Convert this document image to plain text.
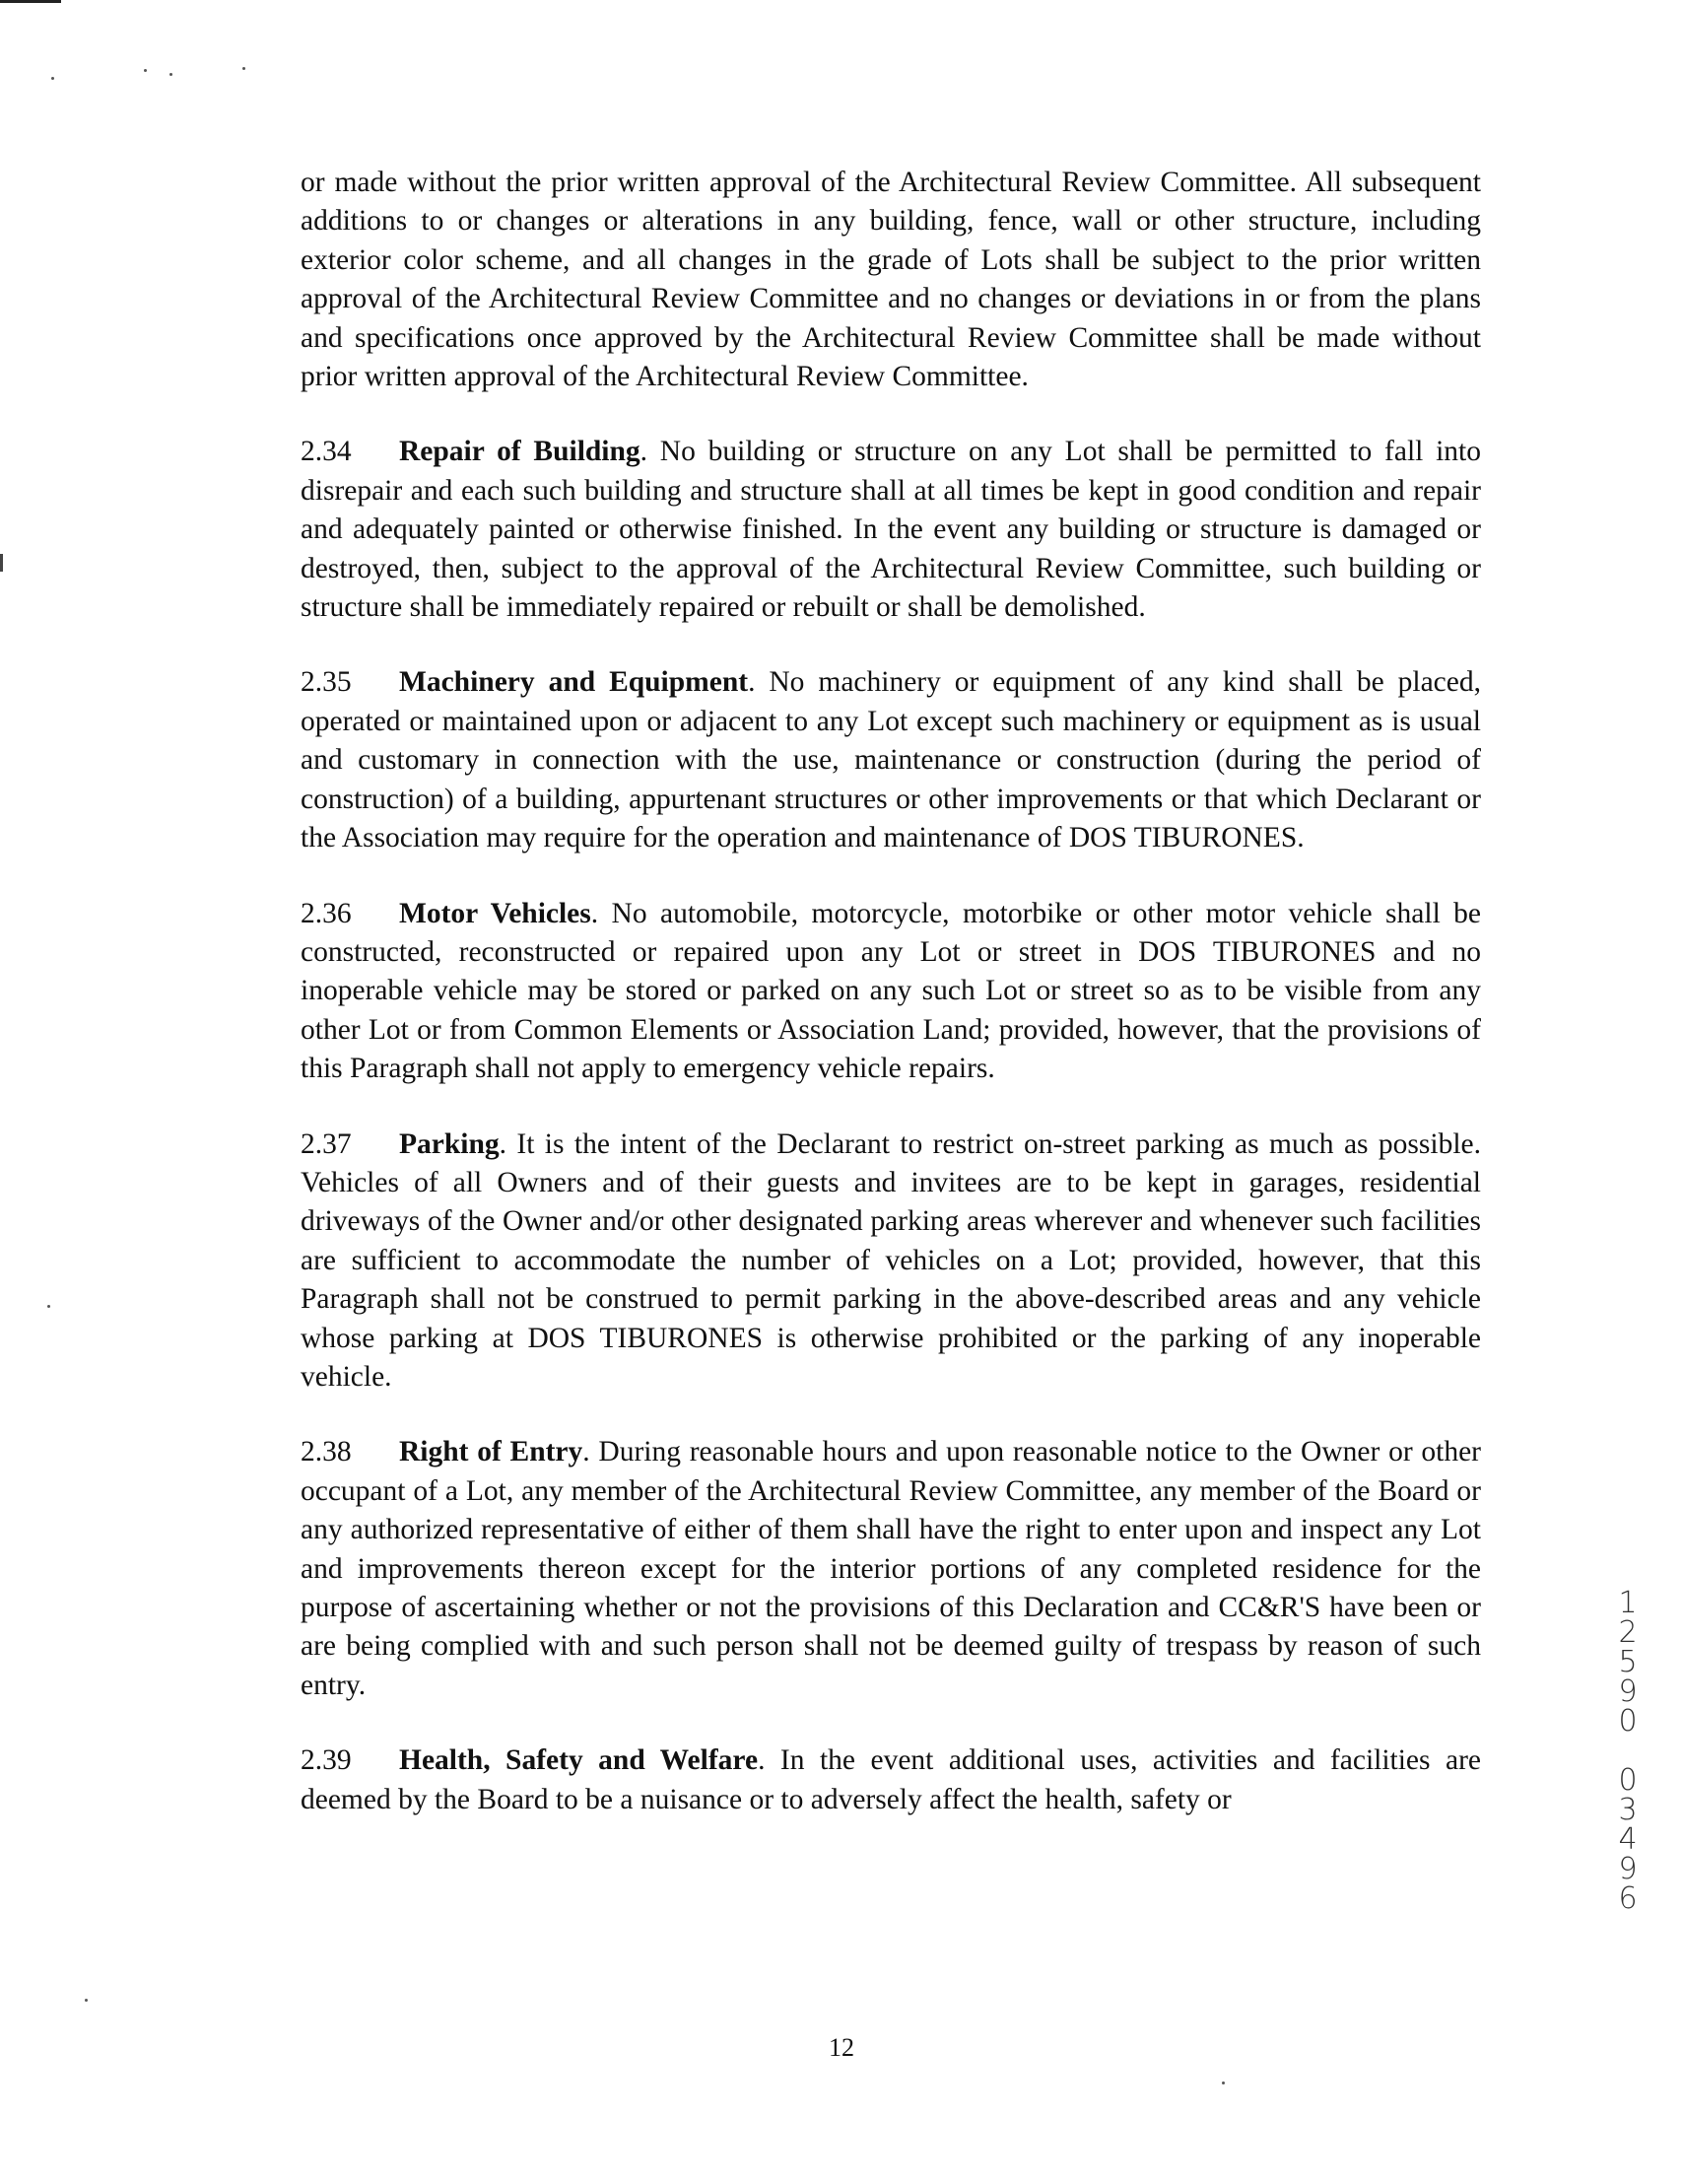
or made without the prior written approval of the Architectural Review Committee. All subsequent additions to or changes or alterations in any building, fence, wall or other structure, including exterior color scheme, and all changes in the grade of Lots shall be subject to the prior written approval of the Architectural Review Committee and no changes or deviations in or from the plans and specifications once approved by the Architectural Review Committee shall be made without prior written approval of the Architectural Review Committee.

2.34 Repair of Building. No building or structure on any Lot shall be permitted to fall into disrepair and each such building and structure shall at all times be kept in good condition and repair and adequately painted or otherwise finished. In the event any building or structure is damaged or destroyed, then, subject to the approval of the Architectural Review Committee, such building or structure shall be immediately repaired or rebuilt or shall be demolished.

2.35 Machinery and Equipment. No machinery or equipment of any kind shall be placed, operated or maintained upon or adjacent to any Lot except such machinery or equipment as is usual and customary in connection with the use, maintenance or construction (during the period of construction) of a building, appurtenant structures or other improvements or that which Declarant or the Association may require for the operation and maintenance of DOS TIBURONES.

2.36 Motor Vehicles. No automobile, motorcycle, motorbike or other motor vehicle shall be constructed, reconstructed or repaired upon any Lot or street in DOS TIBURONES and no inoperable vehicle may be stored or parked on any such Lot or street so as to be visible from any other Lot or from Common Elements or Association Land; provided, however, that the provisions of this Paragraph shall not apply to emergency vehicle repairs.

2.37 Parking. It is the intent of the Declarant to restrict on-street parking as much as possible. Vehicles of all Owners and of their guests and invitees are to be kept in garages, residential driveways of the Owner and/or other designated parking areas wherever and whenever such facilities are sufficient to accommodate the number of vehicles on a Lot; provided, however, that this Paragraph shall not be construed to permit parking in the above-described areas and any vehicle whose parking at DOS TIBURONES is otherwise prohibited or the parking of any inoperable vehicle.

2.38 Right of Entry. During reasonable hours and upon reasonable notice to the Owner or other occupant of a Lot, any member of the Architectural Review Committee, any member of the Board or any authorized representative of either of them shall have the right to enter upon and inspect any Lot and improvements thereon except for the interior portions of any completed residence for the purpose of ascertaining whether or not the provisions of this Declaration and CC&R'S have been or are being complied with and such person shall not be deemed guilty of trespass by reason of such entry.

2.39 Health, Safety and Welfare. In the event additional uses, activities and facilities are deemed by the Board to be a nuisance or to adversely affect the health, safety or

1
2
5
9
0
0
3
4
9
6
12
